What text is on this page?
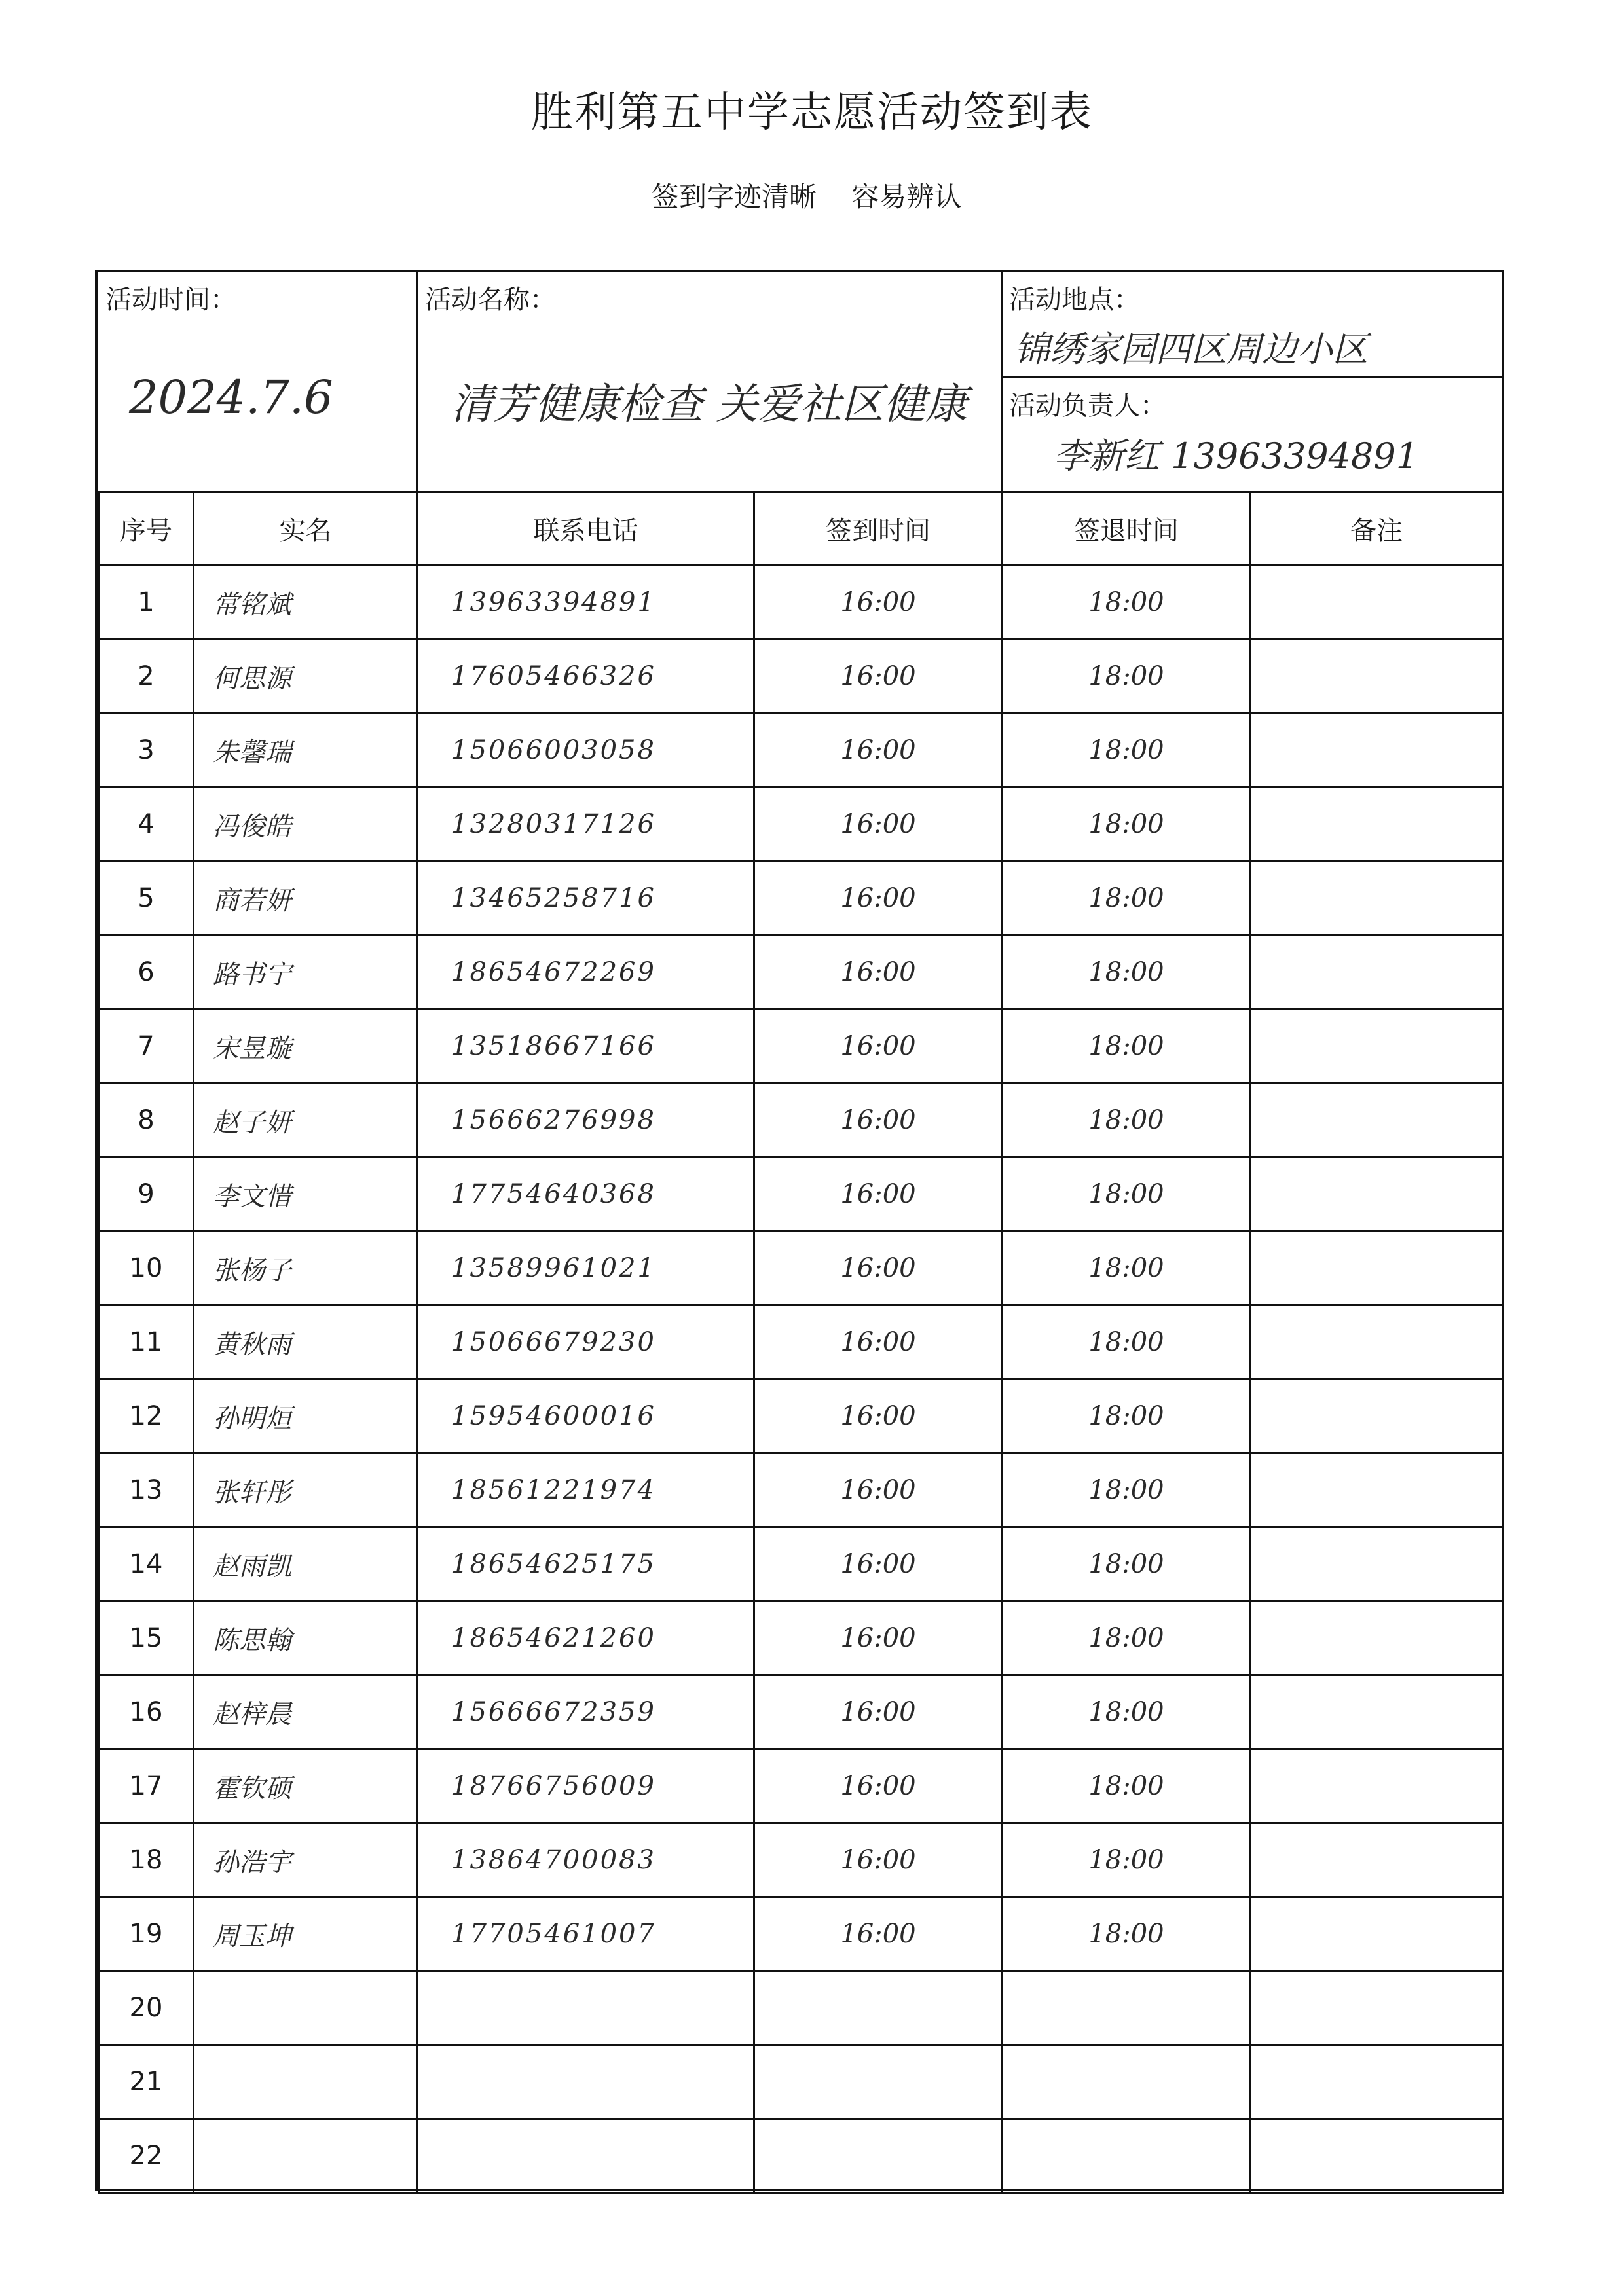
胜利第五中学志愿活动签到表
签到字迹清晰    容易辨认
活动时间：
2024.7.6
活动名称：
清芳健康检查 关爱社区健康
活动地点：
锦绣家园四区周边小区
活动负责人：
李新红 13963394891
序号	实名	联系电话	签到时间	签退时间	备注
1	常铭斌	13963394891	16:00	18:00	
2	何思源	17605466326	16:00	18:00	
3	朱馨瑞	15066003058	16:00	18:00	
4	冯俊皓	13280317126	16:00	18:00	
5	商若妍	13465258716	16:00	18:00	
6	路书宁	18654672269	16:00	18:00	
7	宋昱璇	13518667166	16:00	18:00	
8	赵子妍	15666276998	16:00	18:00	
9	李文惜	17754640368	16:00	18:00	
10	张杨子	13589961021	16:00	18:00	
11	黄秋雨	15066679230	16:00	18:00	
12	孙明烜	15954600016	16:00	18:00	
13	张轩彤	18561221974	16:00	18:00	
14	赵雨凯	18654625175	16:00	18:00	
15	陈思翰	18654621260	16:00	18:00	
16	赵梓晨	15666672359	16:00	18:00	
17	霍钦硕	18766756009	16:00	18:00	
18	孙浩宇	13864700083	16:00	18:00	
19	周玉坤	17705461007	16:00	18:00	
20					
21					
22					
